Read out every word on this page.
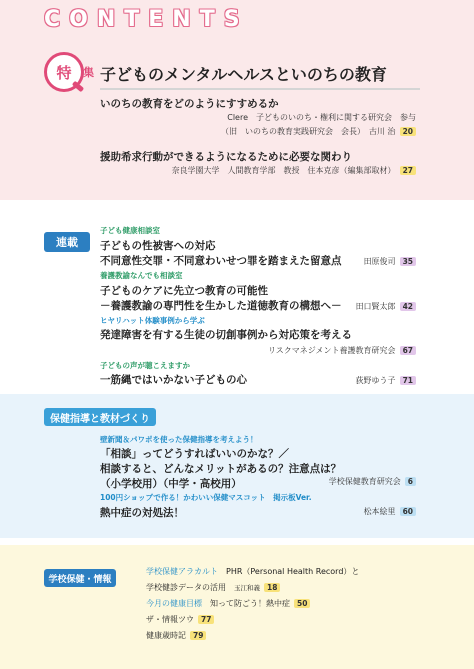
CONTENTS
特 集 子どものメンタルヘルスといのちの教育
いのちの教育をどのようにすすめるか
Clere　子どものいのち・権利に関する研究会　参与
（旧　いのちの教育実践研究会　会長）　古川 治 20
援助希求行動ができるようになるために必要な関わり
奈良学園大学　人間教育学部　教授　住本克彦（編集部取材） 27
連載
子ども健康相談室
子どもの性被害への対応
不同意性交罪・不同意わいせつ罪を踏まえた留意点	田原俊司 35
養護教諭なんでも相談室
子どものケアに先立つ教育の可能性
－養護教諭の専門性を生かした道徳教育の構想へ－ 田口賢太郎 42
ヒヤリハット体験事例から学ぶ
発達障害を有する生徒の切創事例から対応策を考える
リスクマネジメント養護教育研究会 67
子どもの声が聴こえますか
一筋縄ではいかない子どもの心	荻野ゆう子 71
保健指導と教材づくり
壁新聞＆パワポを使った保健指導を考えよう！
「相談」ってどうすればいいのかな？／
相談すると、どんなメリットがあるの？注意点は？
（小学校用）（中学・高校用）	学校保健教育研究会 6
100円ショップで作る！かわいい保健マスコット　掲示板Ver.
熱中症の対処法！	松本絵里 60
学校保健・情報
学校保健アラカルト　 PHR（Personal Health Record）と
学校健診データの活用 玉江和義 18
今月の健康目標　 知って防ごう！熱中症 50
ザ・情報ツウ 77
健康歳時記 79
